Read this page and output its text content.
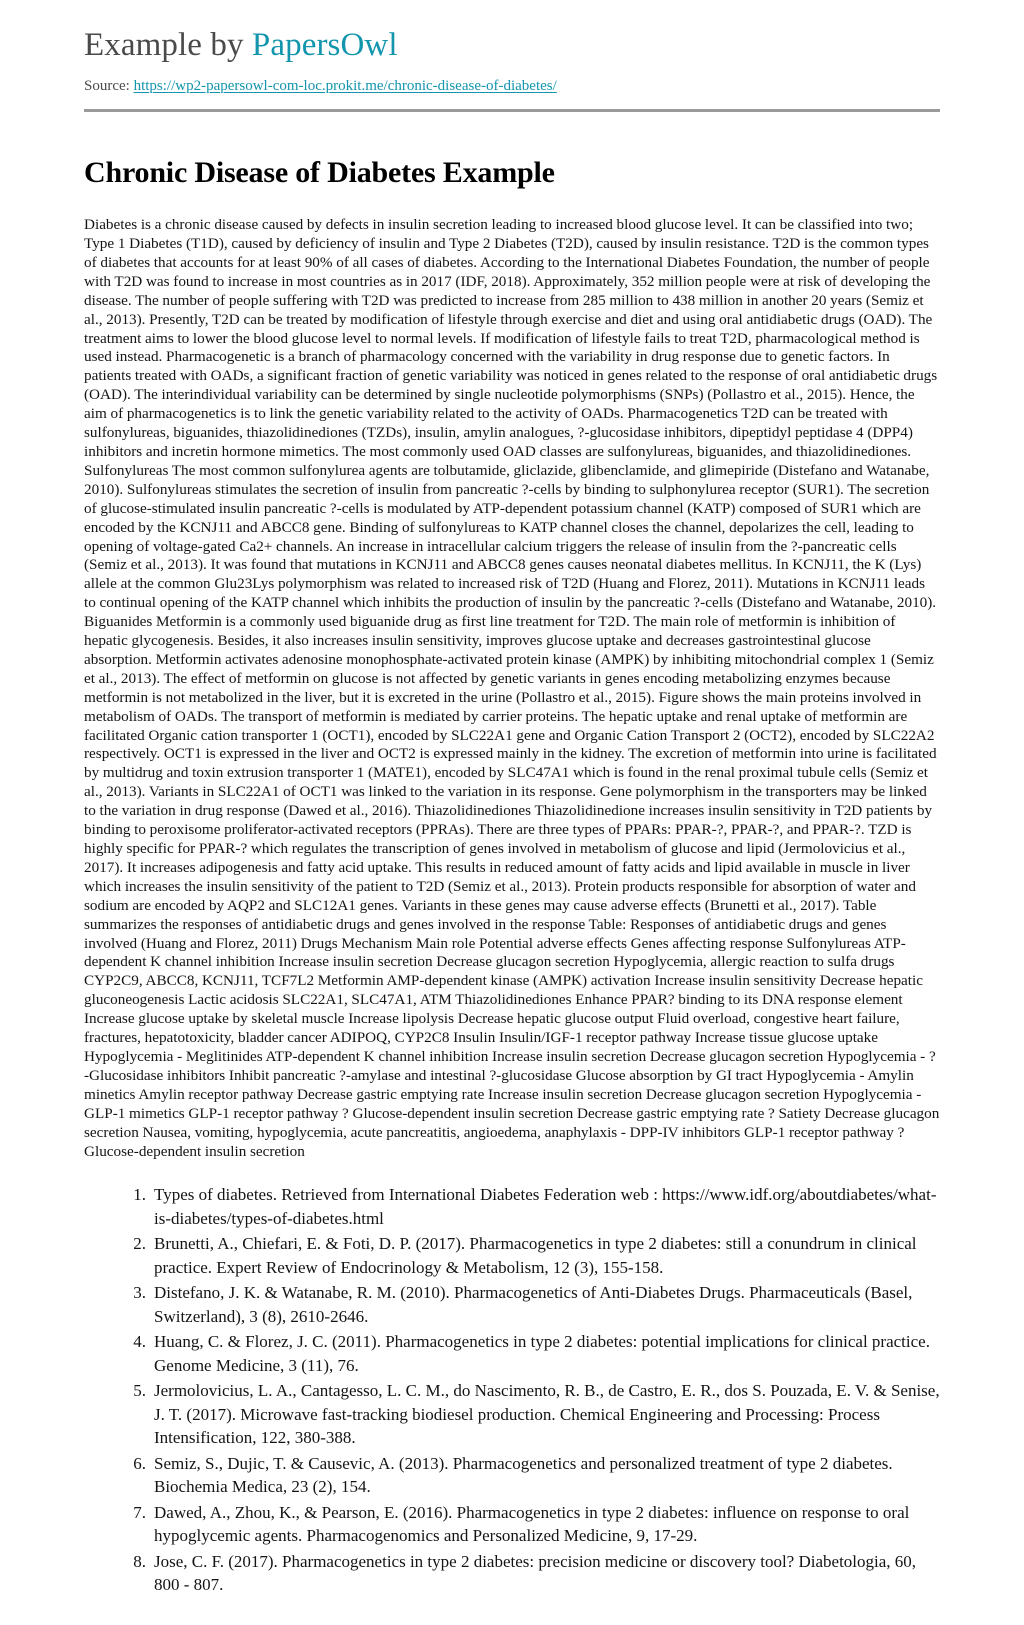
Example by PapersOwl
Source: https://wp2-papersowl-com-loc.prokit.me/chronic-disease-of-diabetes/
Chronic Disease of Diabetes Example

Diabetes is a chronic disease caused by defects in insulin secretion leading to increased blood glucose level. It can be classified into two; Type 1 Diabetes (T1D), caused by deficiency of insulin and Type 2 Diabetes (T2D), caused by insulin resistance. T2D is the common types of diabetes that accounts for at least 90% of all cases of diabetes. According to the International Diabetes Foundation, the number of people with T2D was found to increase in most countries as in 2017 (IDF, 2018). Approximately, 352 million people were at risk of developing the disease. The number of people suffering with T2D was predicted to increase from 285 million to 438 million in another 20 years (Semiz et al., 2013). Presently, T2D can be treated by modification of lifestyle through exercise and diet and using oral antidiabetic drugs (OAD). The treatment aims to lower the blood glucose level to normal levels. If modification of lifestyle fails to treat T2D, pharmacological method is used instead. Pharmacogenetic is a branch of pharmacology concerned with the variability in drug response due to genetic factors. In patients treated with OADs, a significant fraction of genetic variability was noticed in genes related to the response of oral antidiabetic drugs (OAD). The interindividual variability can be determined by single nucleotide polymorphisms (SNPs) (Pollastro et al., 2015). Hence, the aim of pharmacogenetics is to link the genetic variability related to the activity of OADs. Pharmacogenetics T2D can be treated with sulfonylureas, biguanides, thiazolidinediones (TZDs), insulin, amylin analogues, ?-glucosidase inhibitors, dipeptidyl peptidase 4 (DPP4) inhibitors and incretin hormone mimetics. The most commonly used OAD classes are sulfonylureas, biguanides, and thiazolidinediones. Sulfonylureas The most common sulfonylurea agents are tolbutamide, gliclazide, glibenclamide, and glimepiride (Distefano and Watanabe, 2010). Sulfonylureas stimulates the secretion of insulin from pancreatic ?-cells by binding to sulphonylurea receptor (SUR1). The secretion of glucose-stimulated insulin pancreatic ?-cells is modulated by ATP-dependent potassium channel (KATP) composed of SUR1 which are encoded by the KCNJ11 and ABCC8 gene. Binding of sulfonylureas to KATP channel closes the channel, depolarizes the cell, leading to opening of voltage-gated Ca2+ channels. An increase in intracellular calcium triggers the release of insulin from the ?-pancreatic cells (Semiz et al., 2013). It was found that mutations in KCNJ11 and ABCC8 genes causes neonatal diabetes mellitus. In KCNJ11, the K (Lys) allele at the common Glu23Lys polymorphism was related to increased risk of T2D (Huang and Florez, 2011). Mutations in KCNJ11 leads to continual opening of the KATP channel which inhibits the production of insulin by the pancreatic ?-cells (Distefano and Watanabe, 2010). Biguanides Metformin is a commonly used biguanide drug as first line treatment for T2D. The main role of metformin is inhibition of hepatic glycogenesis. Besides, it also increases insulin sensitivity, improves glucose uptake and decreases gastrointestinal glucose absorption. Metformin activates adenosine monophosphate-activated protein kinase (AMPK) by inhibiting mitochondrial complex 1 (Semiz et al., 2013). The effect of metformin on glucose is not affected by genetic variants in genes encoding metabolizing enzymes because metformin is not metabolized in the liver, but it is excreted in the urine (Pollastro et al., 2015). Figure shows the main proteins involved in metabolism of OADs. The transport of metformin is mediated by carrier proteins. The hepatic uptake and renal uptake of metformin are facilitated Organic cation transporter 1 (OCT1), encoded by SLC22A1 gene and Organic Cation Transport 2 (OCT2), encoded by SLC22A2 respectively. OCT1 is expressed in the liver and OCT2 is expressed mainly in the kidney. The excretion of metformin into urine is facilitated by multidrug and toxin extrusion transporter 1 (MATE1), encoded by SLC47A1 which is found in the renal proximal tubule cells (Semiz et al., 2013). Variants in SLC22A1 of OCT1 was linked to the variation in its response. Gene polymorphism in the transporters may be linked to the variation in drug response (Dawed et al., 2016). Thiazolidinediones Thiazolidinedione increases insulin sensitivity in T2D patients by binding to peroxisome proliferator-activated receptors (PPRAs). There are three types of PPARs: PPAR-?, PPAR-?, and PPAR-?. TZD is highly specific for PPAR-? which regulates the transcription of genes involved in metabolism of glucose and lipid (Jermolovicius et al., 2017). It increases adipogenesis and fatty acid uptake. This results in reduced amount of fatty acids and lipid available in muscle in liver which increases the insulin sensitivity of the patient to T2D (Semiz et al., 2013). Protein products responsible for absorption of water and sodium are encoded by AQP2 and SLC12A1 genes. Variants in these genes may cause adverse effects (Brunetti et al., 2017). Table summarizes the responses of antidiabetic drugs and genes involved in the response Table: Responses of antidiabetic drugs and genes involved (Huang and Florez, 2011) Drugs Mechanism Main role Potential adverse effects Genes affecting response Sulfonylureas ATP-dependent K channel inhibition Increase insulin secretion Decrease glucagon secretion Hypoglycemia, allergic reaction to sulfa drugs CYP2C9, ABCC8, KCNJ11, TCF7L2 Metformin AMP-dependent kinase (AMPK) activation Increase insulin sensitivity Decrease hepatic gluconeogenesis Lactic acidosis SLC22A1, SLC47A1, ATM Thiazolidinediones Enhance PPAR? binding to its DNA response element Increase glucose uptake by skeletal muscle Increase lipolysis Decrease hepatic glucose output Fluid overload, congestive heart failure, fractures, hepatotoxicity, bladder cancer ADIPOQ, CYP2C8 Insulin Insulin/IGF-1 receptor pathway Increase tissue glucose uptake Hypoglycemia - Meglitinides ATP-dependent K channel inhibition Increase insulin secretion Decrease glucagon secretion Hypoglycemia - ?-Glucosidase inhibitors Inhibit pancreatic ?-amylase and intestinal ?-glucosidase Glucose absorption by GI tract Hypoglycemia - Amylin minetics Amylin receptor pathway Decrease gastric emptying rate Increase insulin secretion Decrease glucagon secretion Hypoglycemia - GLP-1 mimetics GLP-1 receptor pathway ? Glucose-dependent insulin secretion Decrease gastric emptying rate ? Satiety Decrease glucagon secretion Nausea, vomiting, hypoglycemia, acute pancreatitis, angioedema, anaphylaxis - DPP-IV inhibitors GLP-1 receptor pathway ? Glucose-dependent insulin secretion

Types of diabetes. Retrieved from International Diabetes Federation web : https://www.idf.org/aboutdiabetes/what-is-diabetes/types-of-diabetes.html
Brunetti, A., Chiefari, E. & Foti, D. P. (2017). Pharmacogenetics in type 2 diabetes: still a conundrum in clinical practice. Expert Review of Endocrinology & Metabolism, 12 (3), 155-158.
Distefano, J. K. & Watanabe, R. M. (2010). Pharmacogenetics of Anti-Diabetes Drugs. Pharmaceuticals (Basel, Switzerland), 3 (8), 2610-2646.
Huang, C. & Florez, J. C. (2011). Pharmacogenetics in type 2 diabetes: potential implications for clinical practice. Genome Medicine, 3 (11), 76.
Jermolovicius, L. A., Cantagesso, L. C. M., do Nascimento, R. B., de Castro, E. R., dos S. Pouzada, E. V. & Senise, J. T. (2017). Microwave fast-tracking biodiesel production. Chemical Engineering and Processing: Process Intensification, 122, 380-388.
Semiz, S., Dujic, T. & Causevic, A. (2013). Pharmacogenetics and personalized treatment of type 2 diabetes. Biochemia Medica, 23 (2), 154.
Dawed, A., Zhou, K., & Pearson, E. (2016). Pharmacogenetics in type 2 diabetes: influence on response to oral hypoglycemic agents. Pharmacogenomics and Personalized Medicine, 9, 17-29.
Jose, C. F. (2017). Pharmacogenetics in type 2 diabetes: precision medicine or discovery tool? Diabetologia, 60, 800 - 807.
